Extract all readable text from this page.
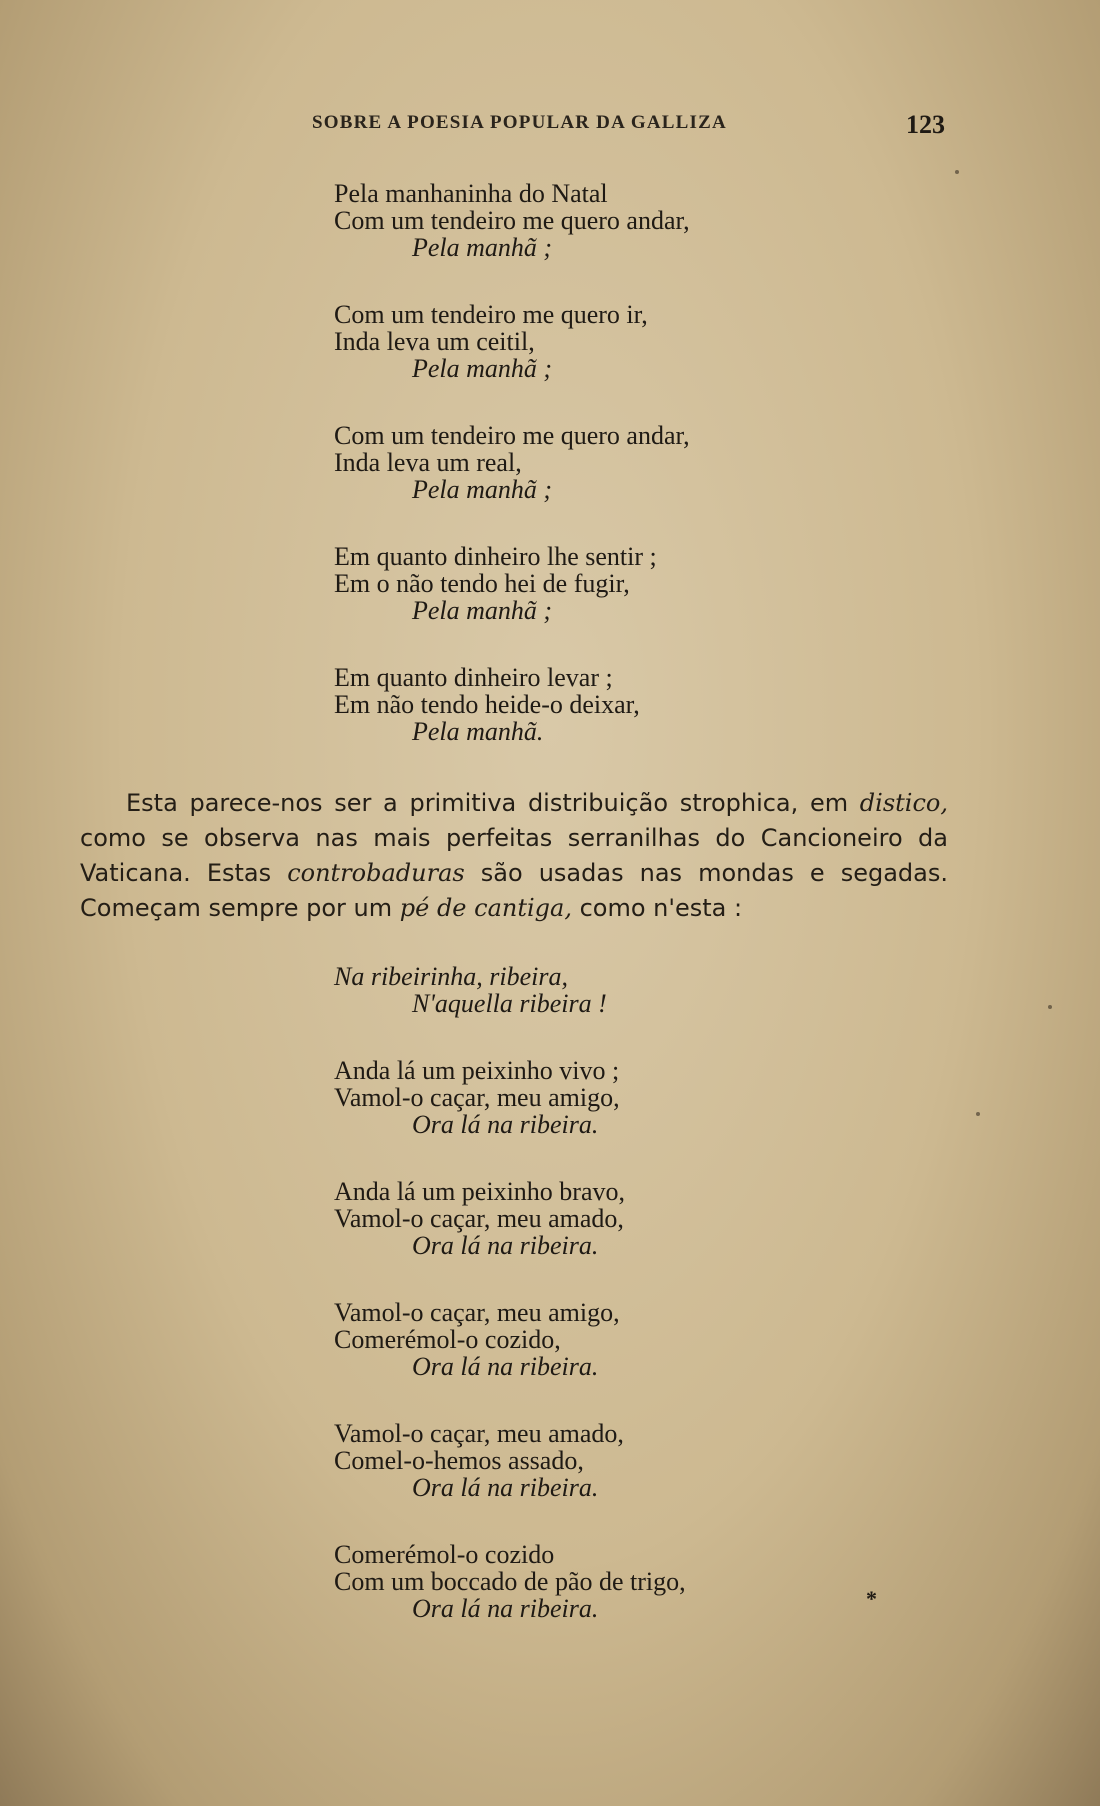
SOBRE A POESIA POPULAR DA GALLIZA	123
Pela manhaninha do Natal
Com um tendeiro me quero andar,
Pela manhã ;
Com um tendeiro me quero ir,
Inda leva um ceitil,
Pela manhã ;
Com um tendeiro me quero andar,
Inda leva um real,
Pela manhã ;
Em quanto dinheiro lhe sentir ;
Em o não tendo hei de fugir,
Pela manhã ;
Em quanto dinheiro levar ;
Em não tendo heide-o deixar,
Pela manhã.
Esta parece-nos ser a primitiva distribuição strophica, em distico, como se observa nas mais perfeitas serranilhas do Cancioneiro da Vaticana. Estas controbaduras são usadas nas mondas e segadas. Começam sempre por um pé de cantiga, como n'esta :
Na ribeirinha, ribeira,
N'aquella ribeira !
Anda lá um peixinho vivo ;
Vamol-o caçar, meu amigo,
Ora lá na ribeira.
Anda lá um peixinho bravo,
Vamol-o caçar, meu amado,
Ora lá na ribeira.
Vamol-o caçar, meu amigo,
Comerémol-o cozido,
Ora lá na ribeira.
Vamol-o caçar, meu amado,
Comel-o-hemos assado,
Ora lá na ribeira.
Comerémol-o cozido
Com um boccado de pão de trigo,
Ora lá na ribeira.	*
